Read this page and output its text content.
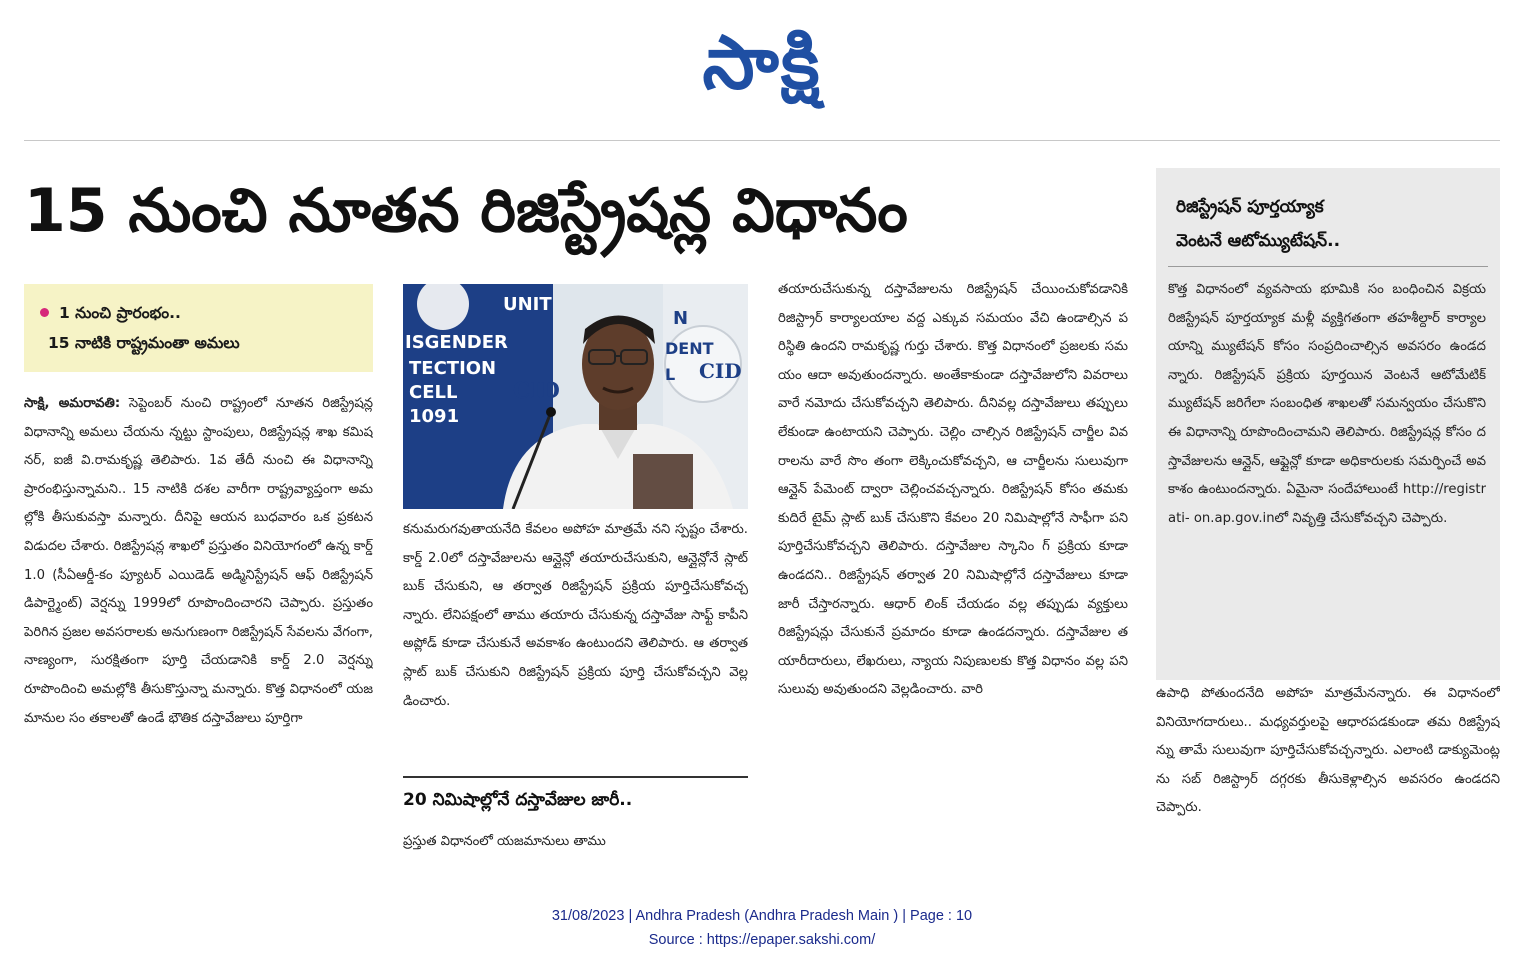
సాక్షి
15 నుంచి నూతన రిజిస్ట్రేషన్ల విధానం
1 నుంచి ప్రారంభం..
15 నాటికి రాష్ట్రమంతా అమలు
సాక్షి, అమరావతి: సెప్టెంబర్ నుంచి రాష్ట్రంలో నూతన రిజిస్ట్రేషన్ల విధానాన్ని అమలు చేయను న్నట్టు స్టాంపులు, రిజిస్ట్రేషన్ల శాఖ కమిషనర్, ఐజీ వి.రామకృష్ణ తెలిపారు. 1వ తేదీ నుంచి ఈ విధానాన్ని ప్రారంభిస్తున్నామని.. 15 నాటికి దశల వారీగా రాష్ట్రవ్యాప్తంగా అమల్లోకి తీసుకువస్తా మన్నారు. దీనిపై ఆయన బుధవారం ఒక ప్రకటన విడుదల చేశారు. రిజిస్ట్రేషన్ల శాఖలో ప్రస్తుతం వినియోగంలో ఉన్న కార్డ్ 1.0 (సీఏఆర్డీ-కం ప్యూటర్ ఎయిడెడ్ అడ్మినిస్ట్రేషన్ ఆఫ్ రిజిస్ట్రేషన్ డిపార్ట్మెంట్) వెర్షన్ను 1999లో రూపొందించారని చెప్పారు. ప్రస్తుతం పెరిగిన ప్రజల అవసరాలకు అనుగుణంగా రిజిస్ట్రేషన్ సేవలను వేగంగా, నాణ్యంగా, సురక్షితంగా పూర్తి చేయడానికి కార్డ్ 2.0 వెర్షన్ను రూపొందించి అమల్లోకి తీసుకొస్తున్నా మన్నారు. కొత్త విధానంలో యజమానుల సం తకాలతో ఉండే భౌతిక దస్తావేజులు పూర్తిగా
UNIT
ISGENDER
TECTION
CELL
1091
CID
CID
N
DENT
L
కనుమరుగవుతాయనేది కేవలం అపోహ మాత్రమే నని స్పష్టం చేశారు. కార్డ్ 2.0లో దస్తావేజులను ఆన్లైన్లో తయారుచేసుకుని, ఆన్లైన్లోనే స్లాట్ బుక్ చేసుకుని, ఆ తర్వాత రిజిస్ట్రేషన్ ప్రక్రియ పూర్తిచేసుకోవచ్చన్నారు. లేనిపక్షంలో తాము తయారు చేసుకున్న దస్తావేజు సాఫ్ట్ కాపీని అప్లోడ్ కూడా చేసుకునే అవకాశం ఉంటుందని తెలిపారు. ఆ తర్వాత స్లాట్ బుక్ చేసుకుని రిజిస్ట్రేషన్ ప్రక్రియ పూర్తి చేసుకోవచ్చని వెల్లడించారు.
20 నిమిషాల్లోనే దస్తావేజుల జారీ..
ప్రస్తుత విధానంలో యజమానులు తాము
తయారుచేసుకున్న దస్తావేజులను రిజిస్ట్రేషన్ చేయించుకోవడానికి రిజిస్ట్రార్ కార్యాలయాల వద్ద ఎక్కువ సమయం వేచి ఉండాల్సిన పరిస్థితి ఉందని రామకృష్ణ గుర్తు చేశారు. కొత్త విధానంలో ప్రజలకు సమయం ఆదా అవుతుందన్నారు. అంతేకాకుండా దస్తావేజులోని వివరాలు వారే నమోదు చేసుకోవచ్చని తెలిపారు. దీనివల్ల దస్తావేజులు తప్పులు లేకుండా ఉంటాయని చెప్పారు. చెల్లిం చాల్సిన రిజిస్ట్రేషన్ చార్జీల వివరాలను వారే సొం తంగా లెక్కించుకోవచ్చని, ఆ చార్జీలను సులువుగా ఆన్లైన్ పేమెంట్ ద్వారా చెల్లించవచ్చన్నారు. రిజిస్ట్రేషన్ కోసం తమకు కుదిరే టైమ్ స్లాట్ బుక్ చేసుకొని కేవలం 20 నిమిషాల్లోనే సాఫీగా పని పూర్తిచేసుకోవచ్చని తెలిపారు. దస్తావేజుల స్కానిం గ్ ప్రక్రియ కూడా ఉండదని.. రిజిస్ట్రేషన్ తర్వాత 20 నిమిషాల్లోనే దస్తావేజులు కూడా జారీ చేస్తారన్నారు. ఆధార్ లింక్ చేయడం వల్ల తప్పుడు వ్యక్తులు రిజిస్ట్రేషన్లు చేసుకునే ప్రమాదం కూడా ఉండదన్నారు. దస్తావేజుల తయారీదారులు, లేఖరులు, న్యాయ నిపుణులకు కొత్త విధానం వల్ల పని సులువు అవుతుందని వెల్లడించారు. వారి
రిజిస్ట్రేషన్ పూర్తయ్యాక
వెంటనే ఆటోమ్యుటేషన్..
కొత్త విధానంలో వ్యవసాయ భూమికి సం బంధించిన విక్రయ రిజిస్ట్రేషన్ పూర్తయ్యాక మళ్లీ వ్యక్తిగతంగా తహశీల్దార్ కార్యాల యాన్ని మ్యుటేషన్ కోసం సంప్రదించాల్సిన అవసరం ఉండదన్నారు. రిజిస్ట్రేషన్ ప్రక్రియ పూర్తయిన వెంటనే ఆటోమేటిక్ మ్యుటేషన్ జరిగేలా సంబంధిత శాఖలతో సమన్వయం చేసుకొని ఈ విధానాన్ని రూపొందించామని తెలిపారు. రిజిస్ట్రేషన్ల కోసం దస్తావేజులను ఆన్లైన్, ఆఫ్లైన్లో కూడా అధికారులకు సమర్పించే అవకాశం ఉంటుందన్నారు. ఏమైనా సందేహాలుంటే http://registrati- on.ap.gov.inలో నివృత్తి చేసుకోవచ్చని చెప్పారు.
ఉపాధి పోతుందనేది అపోహ మాత్రమేనన్నారు. ఈ విధానంలో వినియోగదారులు.. మధ్యవర్తులపై ఆధారపడకుండా తమ రిజిస్ట్రేషన్ను తామే సులువుగా పూర్తిచేసుకోవచ్చన్నారు. ఎలాంటి డాక్యుమెంట్లను సబ్ రిజిస్ట్రార్ దగ్గరకు తీసుకెళ్లాల్సిన అవసరం ఉండదని చెప్పారు.
31/08/2023 | Andhra Pradesh (Andhra Pradesh Main ) | Page : 10
Source : https://epaper.sakshi.com/
